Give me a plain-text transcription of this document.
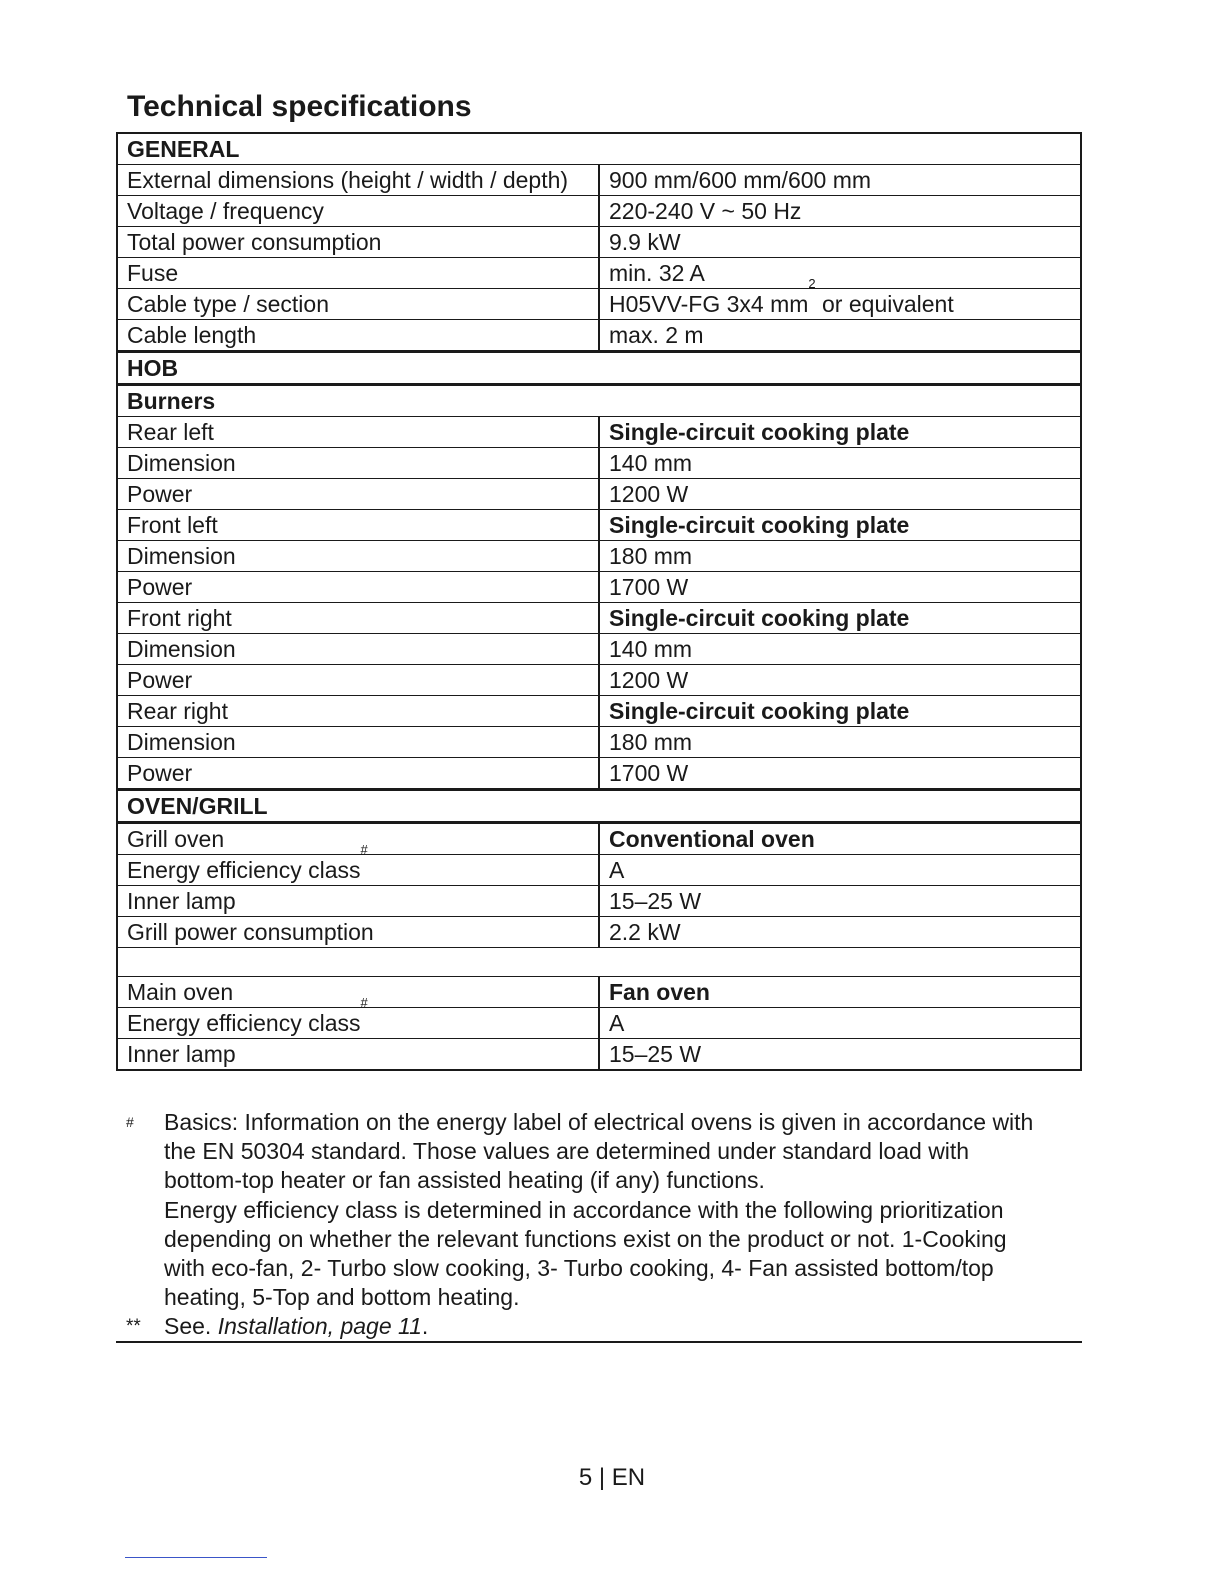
Technical specifications
GENERAL	
External dimensions (height / width / depth)	900 mm/600 mm/600 mm
Voltage / frequency	220-240 V ~ 50 Hz
Total power consumption	9.9 kW
Fuse	min. 32 A
Cable type / section	H05VV-FG 3x4 $mm^2$ or equivalent
Cable length	max. 2 m
HOB	
Burners	
Rear left	Single-circuit cooking plate
Dimension	140 mm
Power	1200 W
Front left	Single-circuit cooking plate
Dimension	180 mm
Power	1700 W
Front right	Single-circuit cooking plate
Dimension	140 mm
Power	1200 W
Rear right	Single-circuit cooking plate
Dimension	180 mm
Power	1700 W
OVEN/GRILL	
Grill oven	Conventional oven
Energy efficiency class#	A
Inner lamp	15–25 W
Grill power consumption	2.2 kW

Main oven	Fan oven
Energy efficiency class#	A
Inner lamp	15–25 W
#	Basics: Information on the energy label of electrical ovens is given in accordance with
the EN 50304 standard. Those values are determined under standard load with
bottom-top heater or fan assisted heating (if any) functions.
Energy efficiency class is determined in accordance with the following prioritization
depending on whether the relevant functions exist on the product or not. 1-Cooking
with eco-fan, 2- Turbo slow cooking, 3- Turbo cooking, 4- Fan assisted bottom/top
heating, 5-Top and bottom heating.
**	See. Installation, page 11.
5 | EN
